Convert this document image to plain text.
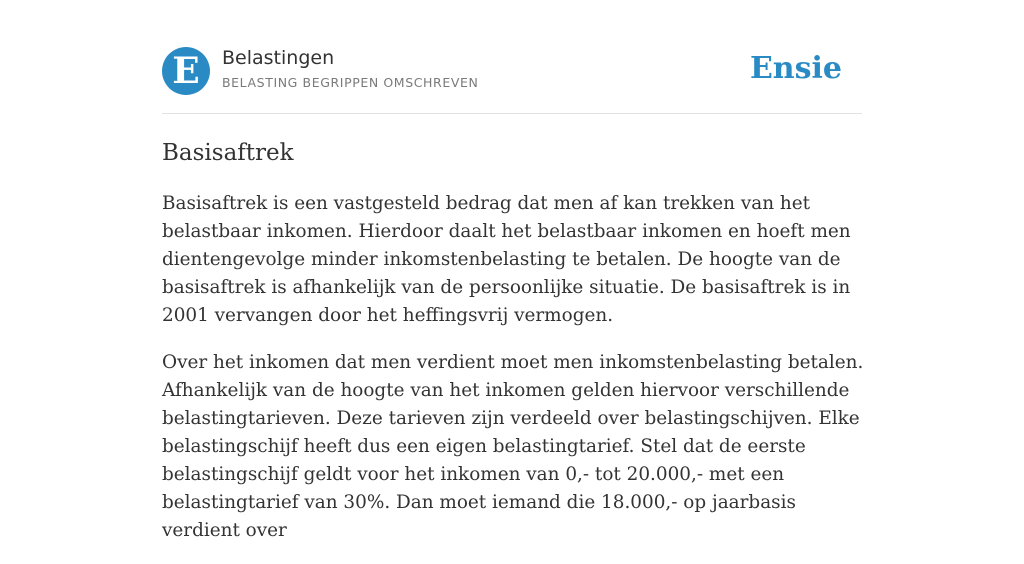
E	Belastingen
BELASTING BEGRIPPEN OMSCHREVEN	Ensie
Basisaftrek

Basisaftrek is een vastgesteld bedrag dat men af kan trekken van het belastbaar inkomen. Hierdoor daalt het belastbaar inkomen en hoeft men dientengevolge minder inkomstenbelasting te betalen. De hoogte van de basisaftrek is afhankelijk van de persoonlijke situatie. De basisaftrek is in 2001 vervangen door het heffingsvrij vermogen.

Over het inkomen dat men verdient moet men inkomstenbelasting betalen. Afhankelijk van de hoogte van het inkomen gelden hiervoor verschillende belastingtarieven. Deze tarieven zijn verdeeld over belastingschijven. Elke belastingschijf heeft dus een eigen belastingtarief. Stel dat de eerste belastingschijf geldt voor het inkomen van 0,- tot 20.000,- met een belastingtarief van 30%. Dan moet iemand die 18.000,- op jaarbasis verdient over
